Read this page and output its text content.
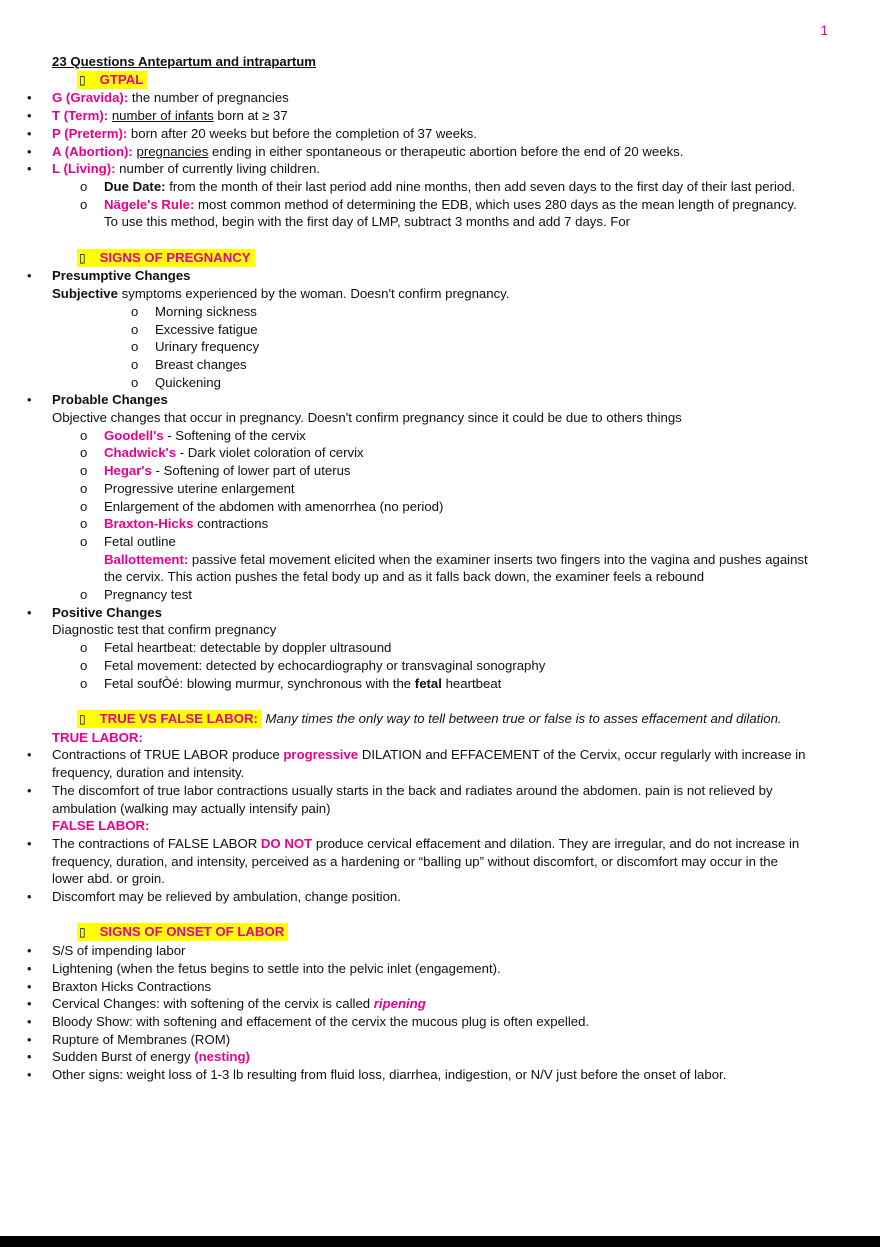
1
23 Questions Antepartum and intrapartum
▯ GTPAL
• G (Gravida): the number of pregnancies
• T (Term): number of infants born at ≥ 37
• P (Preterm): born after 20 weeks but before the completion of 37 weeks.
• A (Abortion): pregnancies ending in either spontaneous or therapeutic abortion before the end of 20 weeks.
• L (Living): number of currently living children.
o Due Date: from the month of their last period add nine months, then add seven days to the first day of their last period.
o Nägele's Rule: most common method of determining the EDB, which uses 280 days as the mean length of pregnancy. To use this method, begin with the first day of LMP, subtract 3 months and add 7 days. For
▯ SIGNS OF PREGNANCY
• Presumptive Changes
Subjective symptoms experienced by the woman. Doesn't confirm pregnancy.
o Morning sickness
o Excessive fatigue
o Urinary frequency
o Breast changes
o Quickening
• Probable Changes
Objective changes that occur in pregnancy. Doesn't confirm pregnancy since it could be due to others things
o Goodell's - Softening of the cervix
o Chadwick's - Dark violet coloration of cervix
o Hegar's - Softening of lower part of uterus
o Progressive uterine enlargement
o Enlargement of the abdomen with amenorrhea (no period)
o Braxton-Hicks contractions
o Fetal outline
Ballottement: passive fetal movement elicited when the examiner inserts two fingers into the vagina and pushes against the cervix. This action pushes the fetal body up and as it falls back down, the examiner feels a rebound
o Pregnancy test
• Positive Changes
Diagnostic test that confirm pregnancy
o Fetal heartbeat: detectable by doppler ultrasound
o Fetal movement: detected by echocardiography or transvaginal sonography
o Fetal soufÒé: blowing murmur, synchronous with the fetal heartbeat
▯ TRUE VS FALSE LABOR: Many times the only way to tell between true or false is to asses effacement and dilation.
TRUE LABOR:
• Contractions of TRUE LABOR produce progressive DILATION and EFFACEMENT of the Cervix, occur regularly with increase in frequency, duration and intensity.
• The discomfort of true labor contractions usually starts in the back and radiates around the abdomen. pain is not relieved by ambulation (walking may actually intensify pain)
FALSE LABOR:
• The contractions of FALSE LABOR DO NOT produce cervical effacement and dilation. They are irregular, and do not increase in frequency, duration, and intensity, perceived as a hardening or “balling up” without discomfort, or discomfort may occur in the lower abd. or groin.
• Discomfort may be relieved by ambulation, change position.
▯ SIGNS OF ONSET OF LABOR
• S/S of impending labor
• Lightening (when the fetus begins to settle into the pelvic inlet (engagement).
• Braxton Hicks Contractions
• Cervical Changes: with softening of the cervix is called ripening
• Bloody Show: with softening and effacement of the cervix the mucous plug is often expelled.
• Rupture of Membranes (ROM)
• Sudden Burst of energy (nesting)
• Other signs: weight loss of 1-3 lb resulting from fluid loss, diarrhea, indigestion, or N/V just before the onset of labor.
